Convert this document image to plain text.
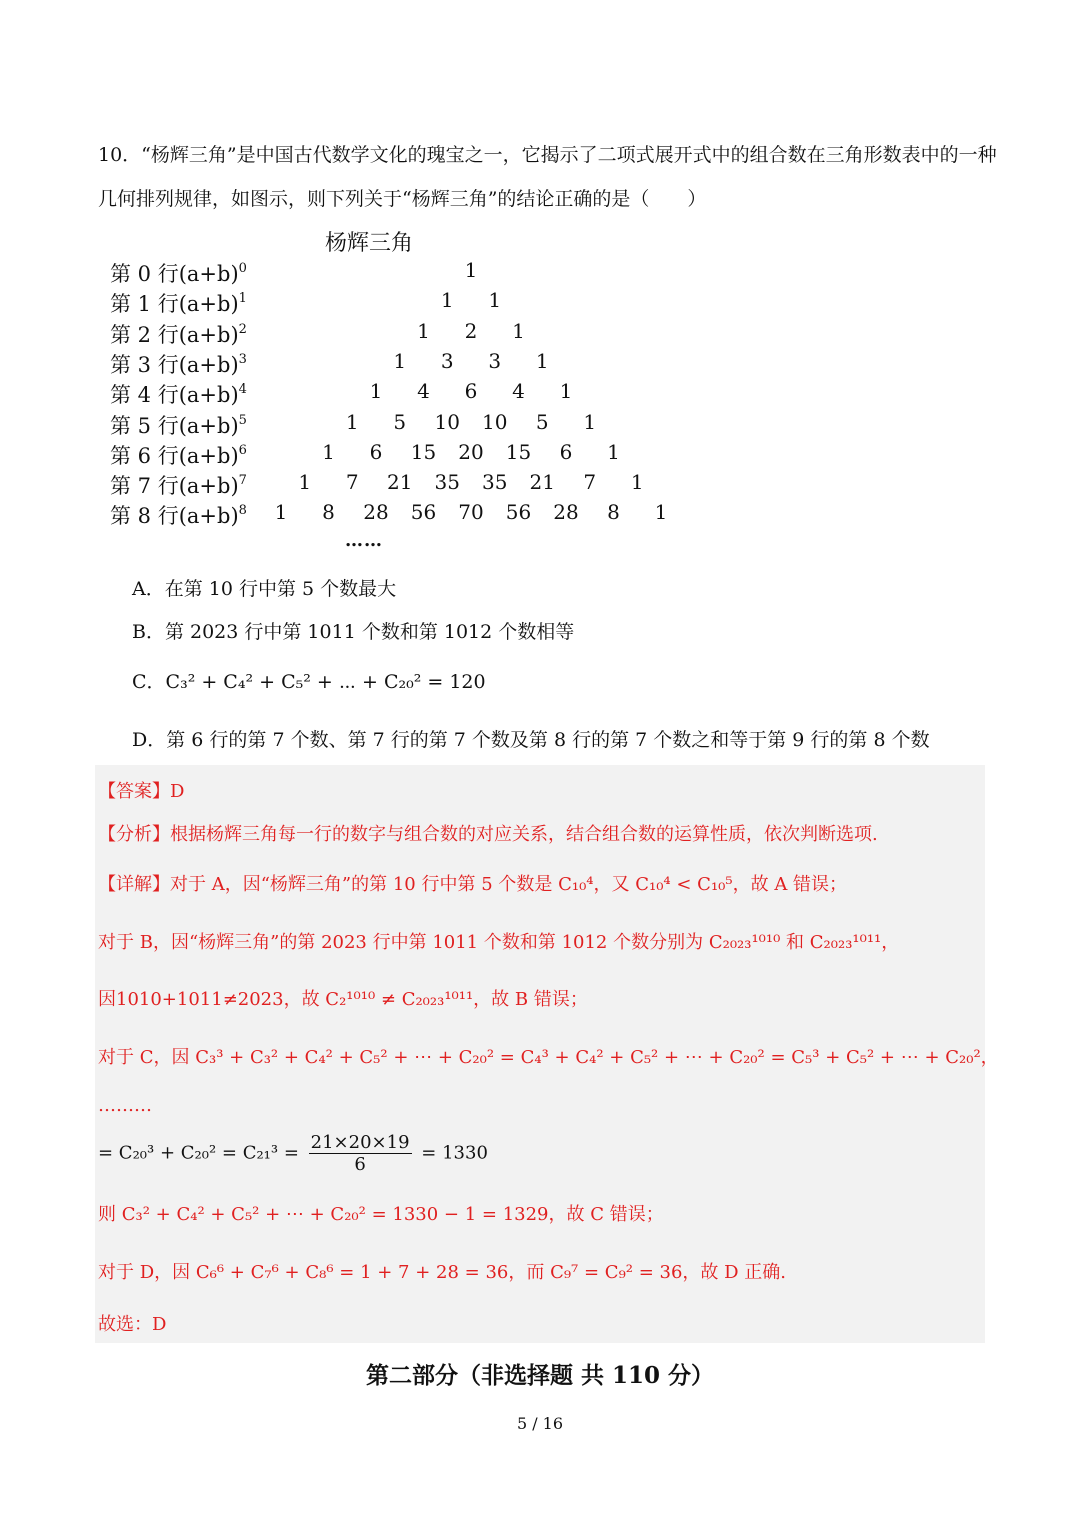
10．“杨辉三角”是中国古代数学文化的瑰宝之一，它揭示了二项式展开式中的组合数在三角形数表中的一种
几何排列规律，如图示，则下列关于“杨辉三角”的结论正确的是（　　）
杨辉三角
第 0 行$(a+b)^0$	1
第 1 行$(a+b)^1$	1 1
第 2 行$(a+b)^2$	1 2 1
第 3 行$(a+b)^3$	1 3 3 1
第 4 行$(a+b)^4$	1 4 6 4 1
第 5 行$(a+b)^5$	1 5 10 10 5 1
第 6 行$(a+b)^6$	1 6 15 20 15 6 1
第 7 行$(a+b)^7$	1 7 21 35 35 21 7 1
第 8 行$(a+b)^8$ 1 8 28 56 70 56 28 8 1
……
A．在第 10 行中第 5 个数最大
B．第 2023 行中第 1011 个数和第 1012 个数相等
C．C₃² + C₄² + C₅² + ⋯ + C₂₀² = 120
D．第 6 行的第 7 个数、第 7 行的第 7 个数及第 8 行的第 7 个数之和等于第 9 行的第 8 个数
【答案】D
【分析】根据杨辉三角每一行的数字与组合数的对应关系，结合组合数的运算性质，依次判断选项.
【详解】对于 A，因“杨辉三角”的第 10 行中第 5 个数是 C₁₀⁴，又 C₁₀⁴ < C₁₀⁵，故 A 错误；
对于 B，因“杨辉三角”的第 2023 行中第 1011 个数和第 1012 个数分别为 C₂₀₂₃¹⁰¹⁰ 和 C₂₀₂₃¹⁰¹¹，
因1010+1011≠2023，故 C₂¹⁰¹⁰ ≠ C₂₀₂₃¹⁰¹¹，故 B 错误；
对于 C，因 C₃³ + C₃² + C₄² + C₅² + ⋯ + C₂₀² = C₄³ + C₄² + C₅² + ⋯ + C₂₀² = C₅³ + C₅² + ⋯ + C₂₀²，
………
= $C_{20}^3 + C_{20}^2 = C_{21}^3 = \frac{21\times 20\times 19}{6} = 1330$
则 C₃² + C₄² + C₅² + ⋯ + C₂₀² = 1330 − 1 = 1329，故 C 错误；
对于 D，因 C₆⁶ + C₇⁶ + C₈⁶ = 1 + 7 + 28 = 36，而 C₉⁷ = C₉² = 36，故 D 正确.
故选：D
第二部分（非选择题 共 110 分）
5 / 16
